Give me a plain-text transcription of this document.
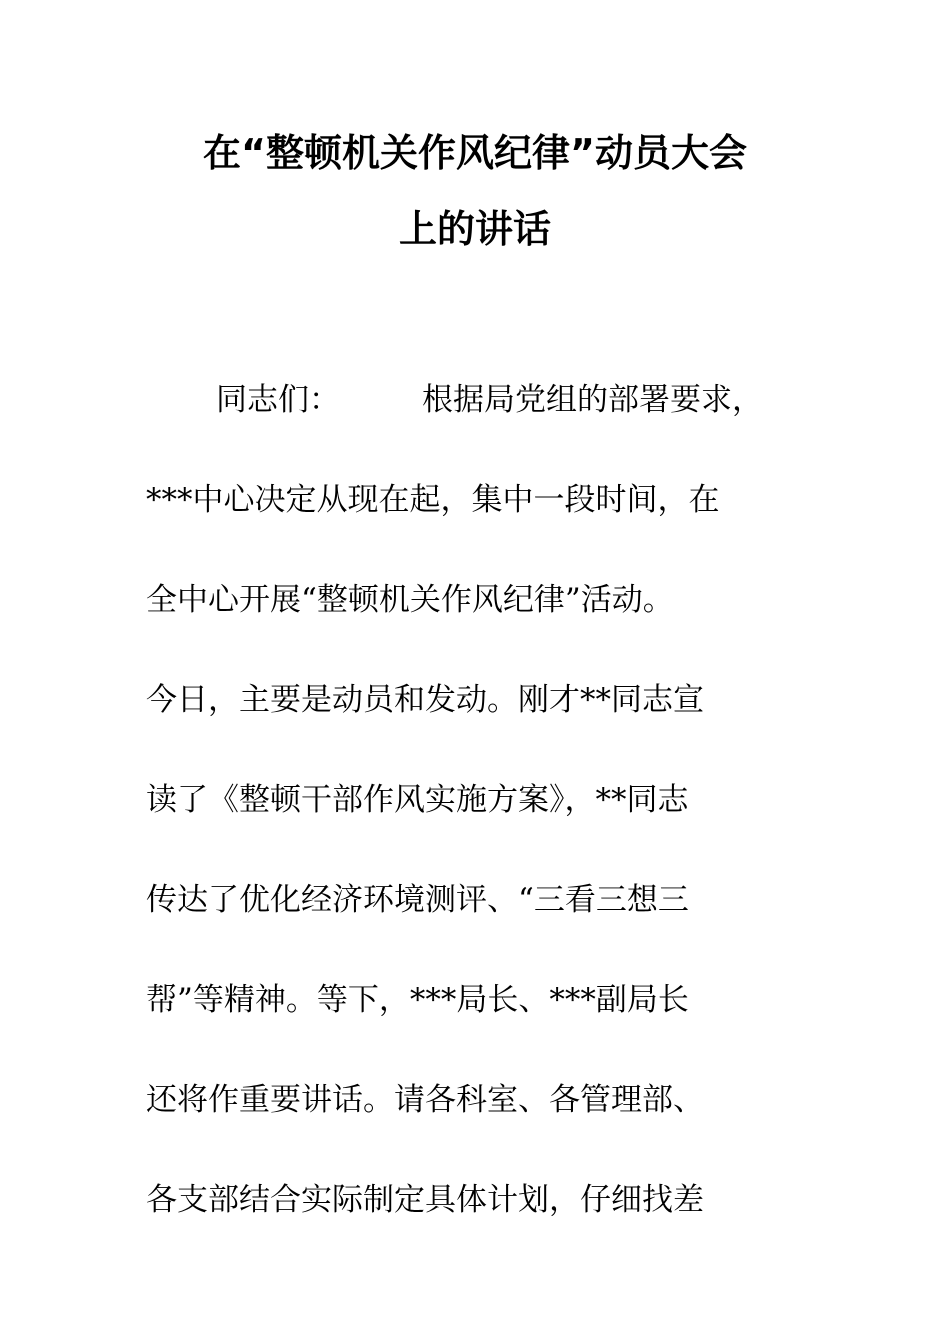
在“整顿机关作风纪律”动员大会
上的讲话

同志们：	根据局党组的部署要求，

***中心决定从现在起，集中一段时间，在

全中心开展“整顿机关作风纪律”活动。

今日，主要是动员和发动。刚才**同志宣

读了《整顿干部作风实施方案》，**同志

传达了优化经济环境测评、“三看三想三

帮”等精神。等下，***局长、***副局长

还将作重要讲话。请各科室、各管理部、

各支部结合实际制定具体计划，仔细找差
